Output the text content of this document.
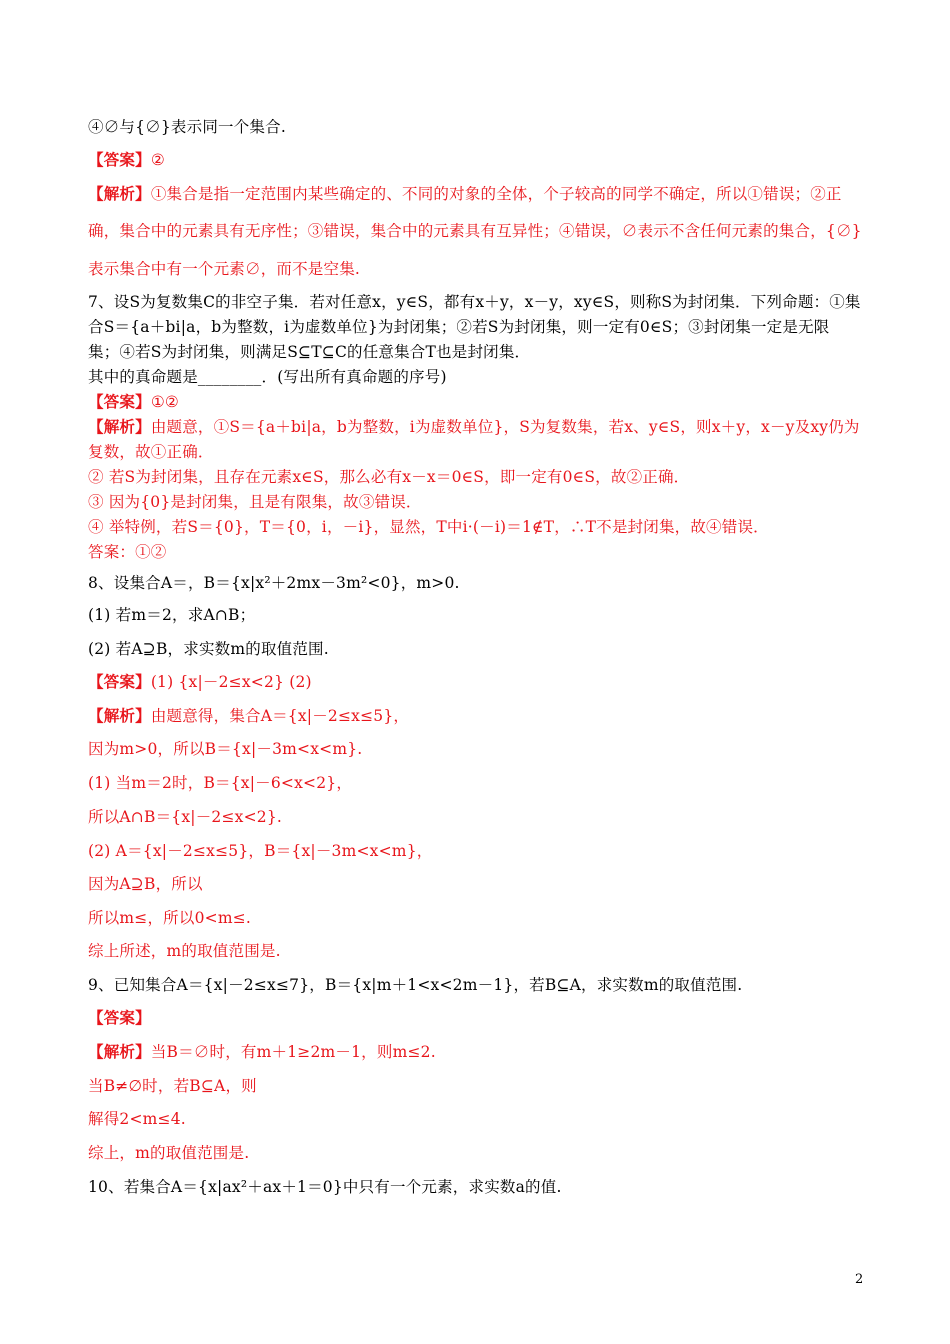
④∅与{∅}表示同一个集合.
【答案】②
【解析】①集合是指一定范围内某些确定的、不同的对象的全体，个子较高的同学不确定，所以①错误；②正
确，集合中的元素具有无序性；③错误，集合中的元素具有互异性；④错误，∅表示不含任何元素的集合，{∅}
表示集合中有一个元素∅，而不是空集.
7、设S为复数集C的非空子集．若对任意x，y∈S，都有x＋y，x－y，xy∈S，则称S为封闭集．下列命题：①集
合S＝{a＋bi|a，b为整数，i为虚数单位}为封闭集；②若S为封闭集，则一定有0∈S；③封闭集一定是无限
集；④若S为封闭集，则满足S⊆T⊆C的任意集合T也是封闭集．
其中的真命题是________．(写出所有真命题的序号)
【答案】①②
【解析】由题意，①S＝{a＋bi|a，b为整数，i为虚数单位}，S为复数集，若x、y∈S，则x＋y，x－y及xy仍为
复数，故①正确．
② 若S为封闭集，且存在元素x∈S，那么必有x－x＝0∈S，即一定有0∈S，故②正确．
③ 因为{0}是封闭集，且是有限集，故③错误．
④ 举特例，若S＝{0}，T＝{0，i，－i}，显然，T中i·(－i)＝1∉T，∴T不是封闭集，故④错误．
答案：①②
8、设集合A＝，B＝{x|x²＋2mx－3m²<0}，m>0.
(1) 若m＝2，求A∩B；
(2) 若A⊇B，求实数m的取值范围.
【答案】(1) {x|－2≤x<2} (2)
【解析】由题意得，集合A＝{x|－2≤x≤5}，
因为m>0，所以B＝{x|－3m<x<m}.
(1) 当m＝2时，B＝{x|－6<x<2}，
所以A∩B＝{x|－2≤x<2}.
(2) A＝{x|－2≤x≤5}，B＝{x|－3m<x<m}，
因为A⊇B，所以
所以m≤，所以0<m≤.
综上所述，m的取值范围是.
9、已知集合A＝{x|－2≤x≤7}，B＝{x|m＋1<x<2m－1}，若B⊆A，求实数m的取值范围.
【答案】
【解析】当B＝∅时，有m＋1≥2m－1，则m≤2.
当B≠∅时，若B⊆A，则
解得2<m≤4.
综上，m的取值范围是.
10、若集合A＝{x|ax²＋ax＋1＝0}中只有一个元素，求实数a的值.
2
